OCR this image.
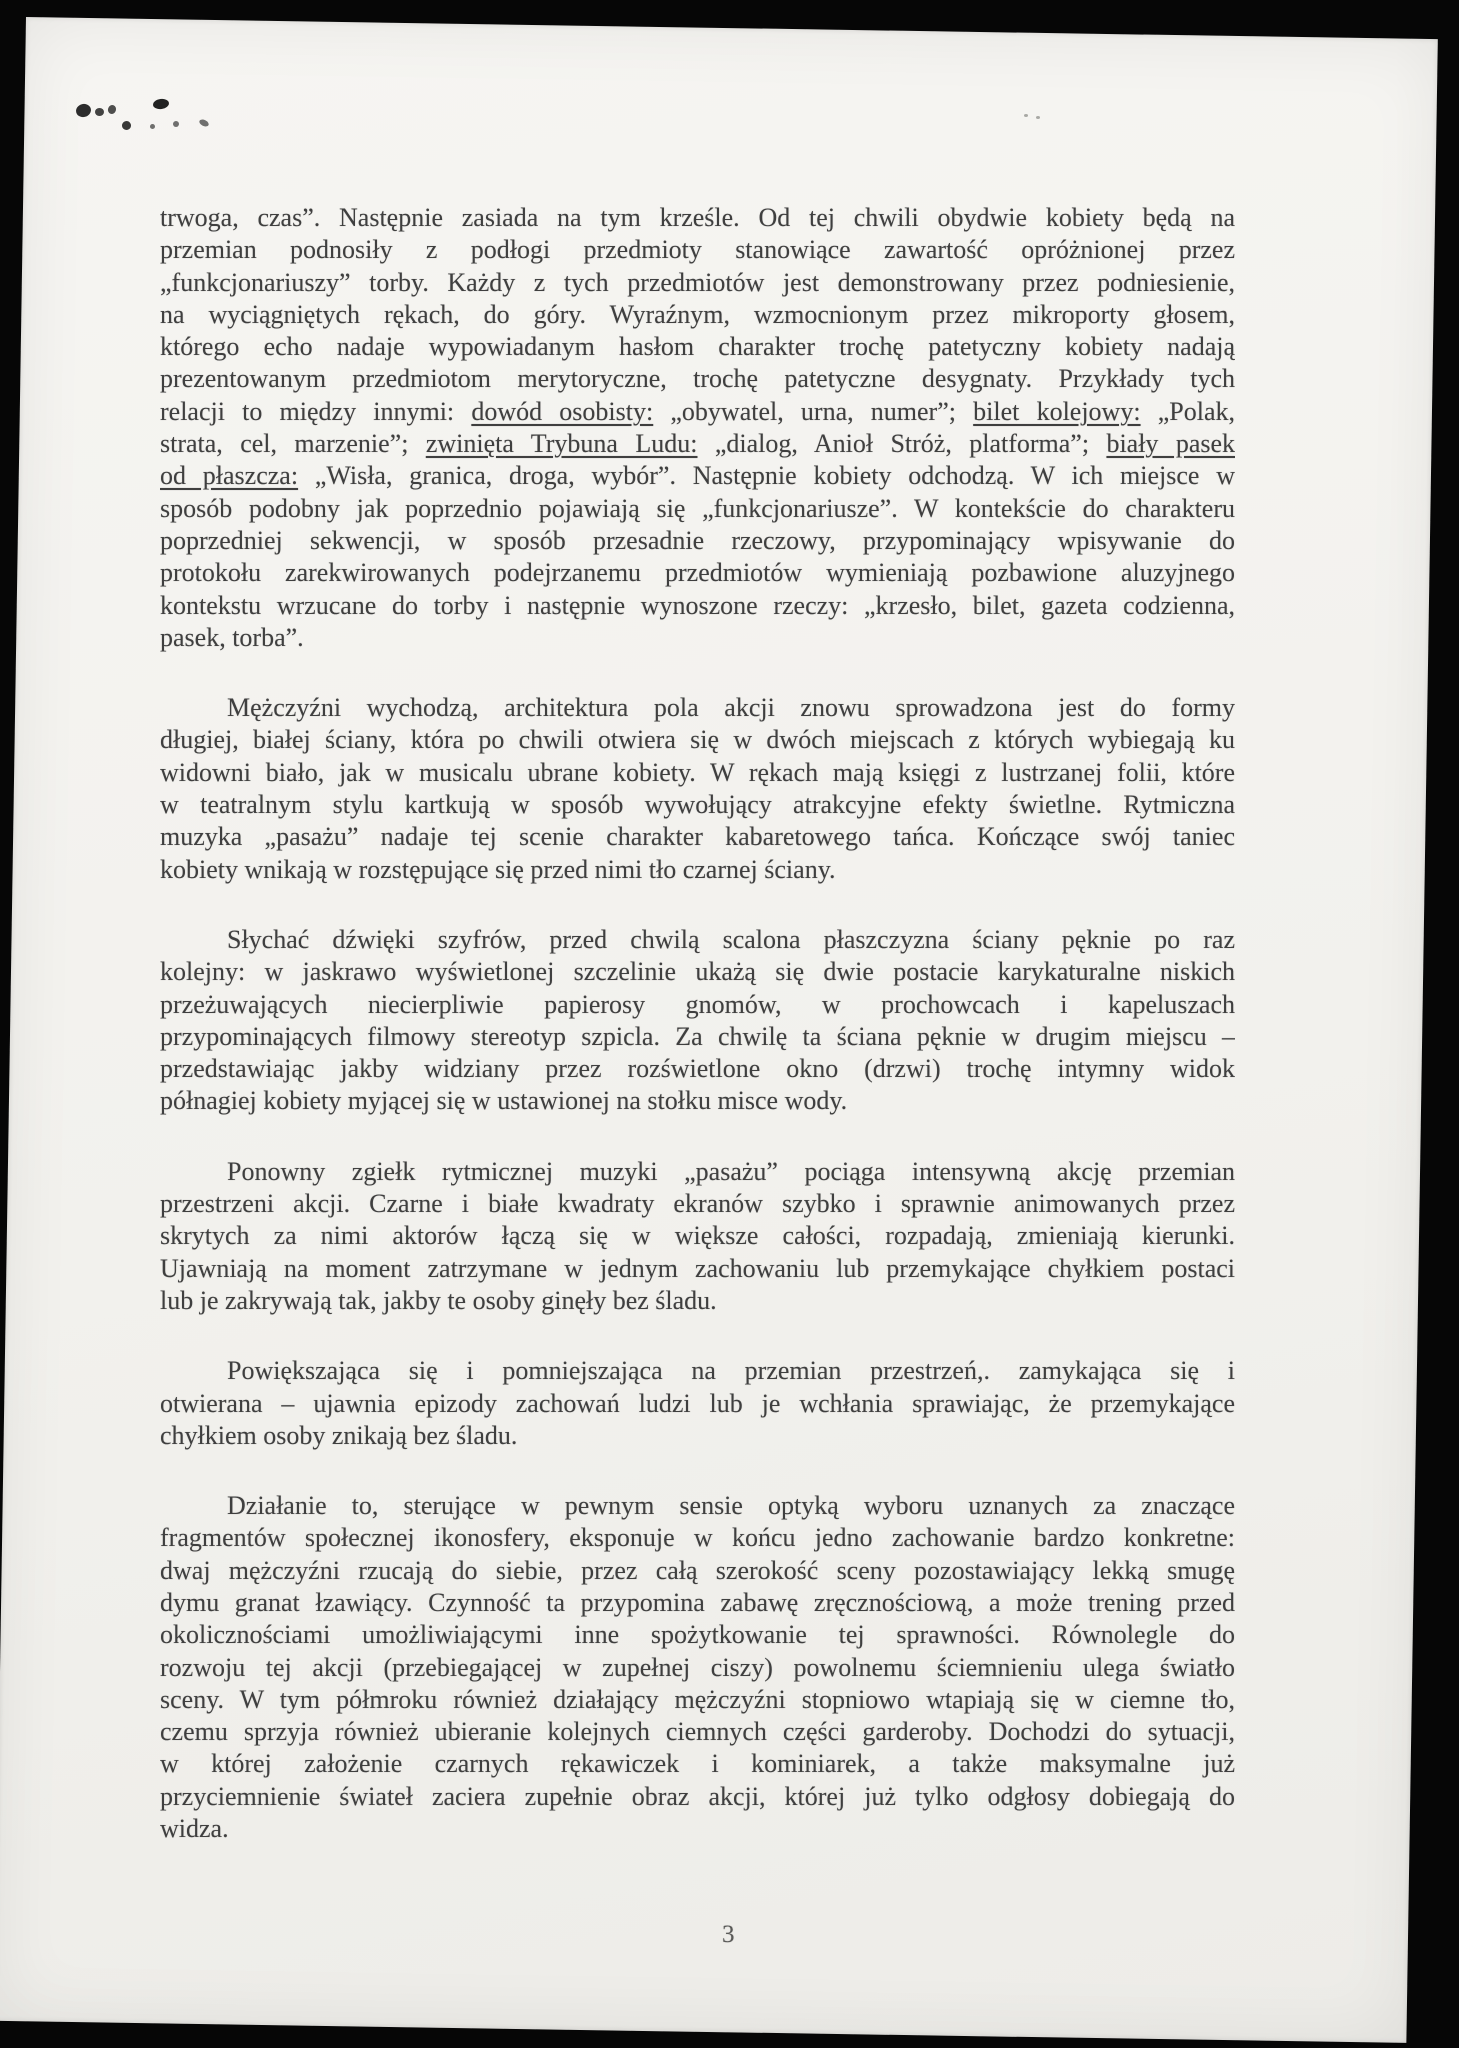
trwoga, czas”. Następnie zasiada na tym krześle. Od tej chwili obydwie kobiety będą na
przemian podnosiły z podłogi przedmioty stanowiące zawartość opróżnionej przez
„funkcjonariuszy” torby. Każdy z tych przedmiotów jest demonstrowany przez podniesienie,
na wyciągniętych rękach, do góry. Wyraźnym, wzmocnionym przez mikroporty głosem,
którego echo nadaje wypowiadanym hasłom charakter trochę patetyczny kobiety nadają
prezentowanym przedmiotom merytoryczne, trochę patetyczne desygnaty. Przykłady tych
relacji to między innymi: dowód osobisty: „obywatel, urna, numer”; bilet kolejowy: „Polak,
strata, cel, marzenie”; zwinięta Trybuna Ludu: „dialog, Anioł Stróż, platforma”; biały pasek
od płaszcza: „Wisła, granica, droga, wybór”. Następnie kobiety odchodzą. W ich miejsce w
sposób podobny jak poprzednio pojawiają się „funkcjonariusze”. W kontekście do charakteru
poprzedniej sekwencji, w sposób przesadnie rzeczowy, przypominający wpisywanie do
protokołu zarekwirowanych podejrzanemu przedmiotów wymieniają pozbawione aluzyjnego
kontekstu wrzucane do torby i następnie wynoszone rzeczy: „krzesło, bilet, gazeta codzienna,
pasek, torba”.
Mężczyźni wychodzą, architektura pola akcji znowu sprowadzona jest do formy
długiej, białej ściany, która po chwili otwiera się w dwóch miejscach z których wybiegają ku
widowni biało, jak w musicalu ubrane kobiety. W rękach mają księgi z lustrzanej folii, które
w teatralnym stylu kartkują w sposób wywołujący atrakcyjne efekty świetlne. Rytmiczna
muzyka „pasażu” nadaje tej scenie charakter kabaretowego tańca. Kończące swój taniec
kobiety wnikają w rozstępujące się przed nimi tło czarnej ściany.
Słychać dźwięki szyfrów, przed chwilą scalona płaszczyzna ściany pęknie po raz
kolejny: w jaskrawo wyświetlonej szczelinie ukażą się dwie postacie karykaturalne niskich
przeżuwających niecierpliwie papierosy gnomów, w prochowcach i kapeluszach
przypominających filmowy stereotyp szpicla. Za chwilę ta ściana pęknie w drugim miejscu –
przedstawiając jakby widziany przez rozświetlone okno (drzwi) trochę intymny widok
półnagiej kobiety myjącej się w ustawionej na stołku misce wody.
Ponowny zgiełk rytmicznej muzyki „pasażu” pociąga intensywną akcję przemian
przestrzeni akcji. Czarne i białe kwadraty ekranów szybko i sprawnie animowanych przez
skrytych za nimi aktorów łączą się w większe całości, rozpadają, zmieniają kierunki.
Ujawniają na moment zatrzymane w jednym zachowaniu lub przemykające chyłkiem postaci
lub je zakrywają tak, jakby te osoby ginęły bez śladu.
Powiększająca się i pomniejszająca na przemian przestrzeń,. zamykająca się i
otwierana – ujawnia epizody zachowań ludzi lub je wchłania sprawiając, że przemykające
chyłkiem osoby znikają bez śladu.
Działanie to, sterujące w pewnym sensie optyką wyboru uznanych za znaczące
fragmentów społecznej ikonosfery, eksponuje w końcu jedno zachowanie bardzo konkretne:
dwaj mężczyźni rzucają do siebie, przez całą szerokość sceny pozostawiający lekką smugę
dymu granat łzawiący. Czynność ta przypomina zabawę zręcznościową, a może trening przed
okolicznościami umożliwiającymi inne spożytkowanie tej sprawności. Równolegle do
rozwoju tej akcji (przebiegającej w zupełnej ciszy) powolnemu ściemnieniu ulega światło
sceny. W tym półmroku również działający mężczyźni stopniowo wtapiają się w ciemne tło,
czemu sprzyja również ubieranie kolejnych ciemnych części garderoby. Dochodzi do sytuacji,
w której założenie czarnych rękawiczek i kominiarek, a także maksymalne już
przyciemnienie świateł zaciera zupełnie obraz akcji, której już tylko odgłosy dobiegają do
widza.
3
